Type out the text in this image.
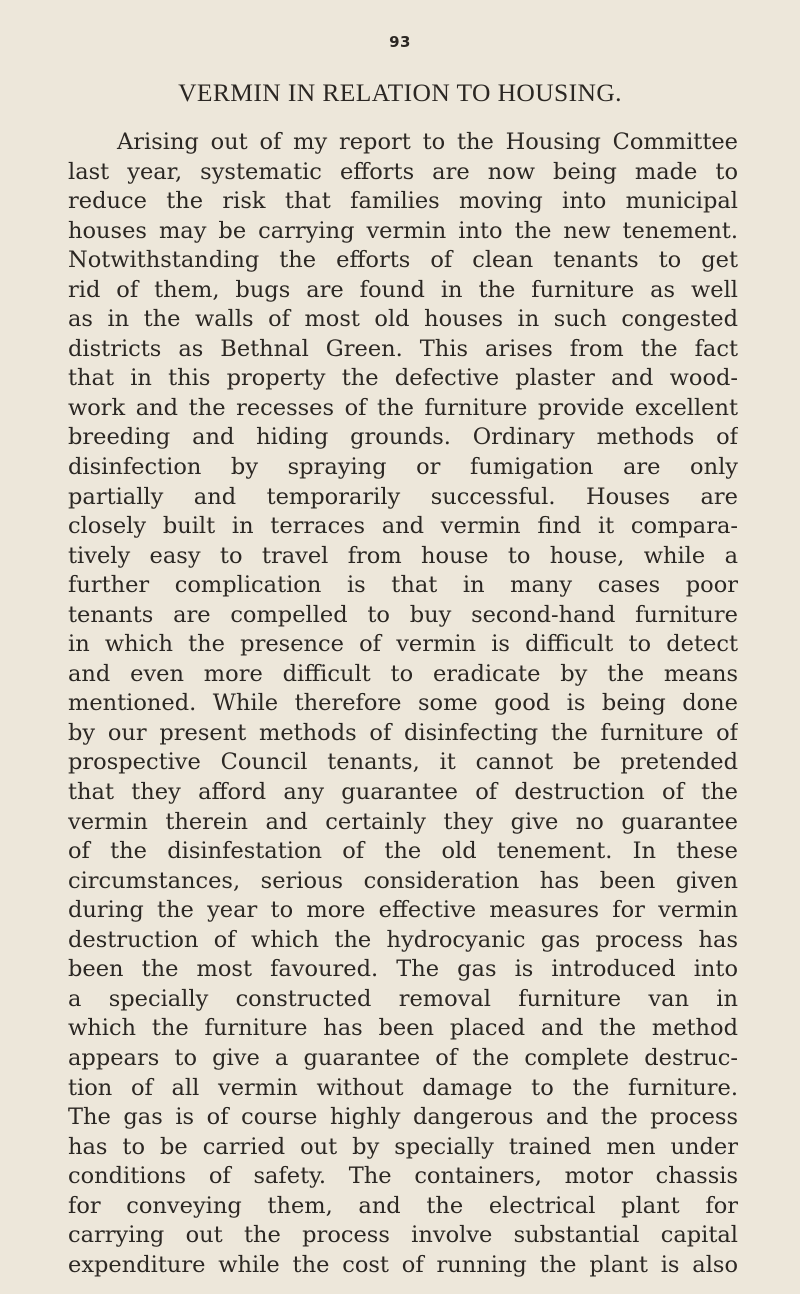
93
VERMIN IN RELATION TO HOUSING.
Arising out of my report to the Housing Committee
last year, systematic efforts are now being made to
reduce the risk that families moving into municipal
houses may be carrying vermin into the new tenement.
Notwithstanding the efforts of clean tenants to get
rid of them, bugs are found in the furniture as well
as in the walls of most old houses in such congested
districts as Bethnal Green. This arises from the fact
that in this property the defective plaster and wood-
work and the recesses of the furniture provide excellent
breeding and hiding grounds. Ordinary methods of
disinfection by spraying or fumigation are only
partially and temporarily successful. Houses are
closely built in terraces and vermin find it compara-
tively easy to travel from house to house, while a
further complication is that in many cases poor
tenants are compelled to buy second-hand furniture
in which the presence of vermin is difficult to detect
and even more difficult to eradicate by the means
mentioned. While therefore some good is being done
by our present methods of disinfecting the furniture of
prospective Council tenants, it cannot be pretended
that they afford any guarantee of destruction of the
vermin therein and certainly they give no guarantee
of the disinfestation of the old tenement. In these
circumstances, serious consideration has been given
during the year to more effective measures for vermin
destruction of which the hydrocyanic gas process has
been the most favoured. The gas is introduced into
a specially constructed removal furniture van in
which the furniture has been placed and the method
appears to give a guarantee of the complete destruc-
tion of all vermin without damage to the furniture.
The gas is of course highly dangerous and the process
has to be carried out by specially trained men under
conditions of safety. The containers, motor chassis
for conveying them, and the electrical plant for
carrying out the process involve substantial capital
expenditure while the cost of running the plant is also
